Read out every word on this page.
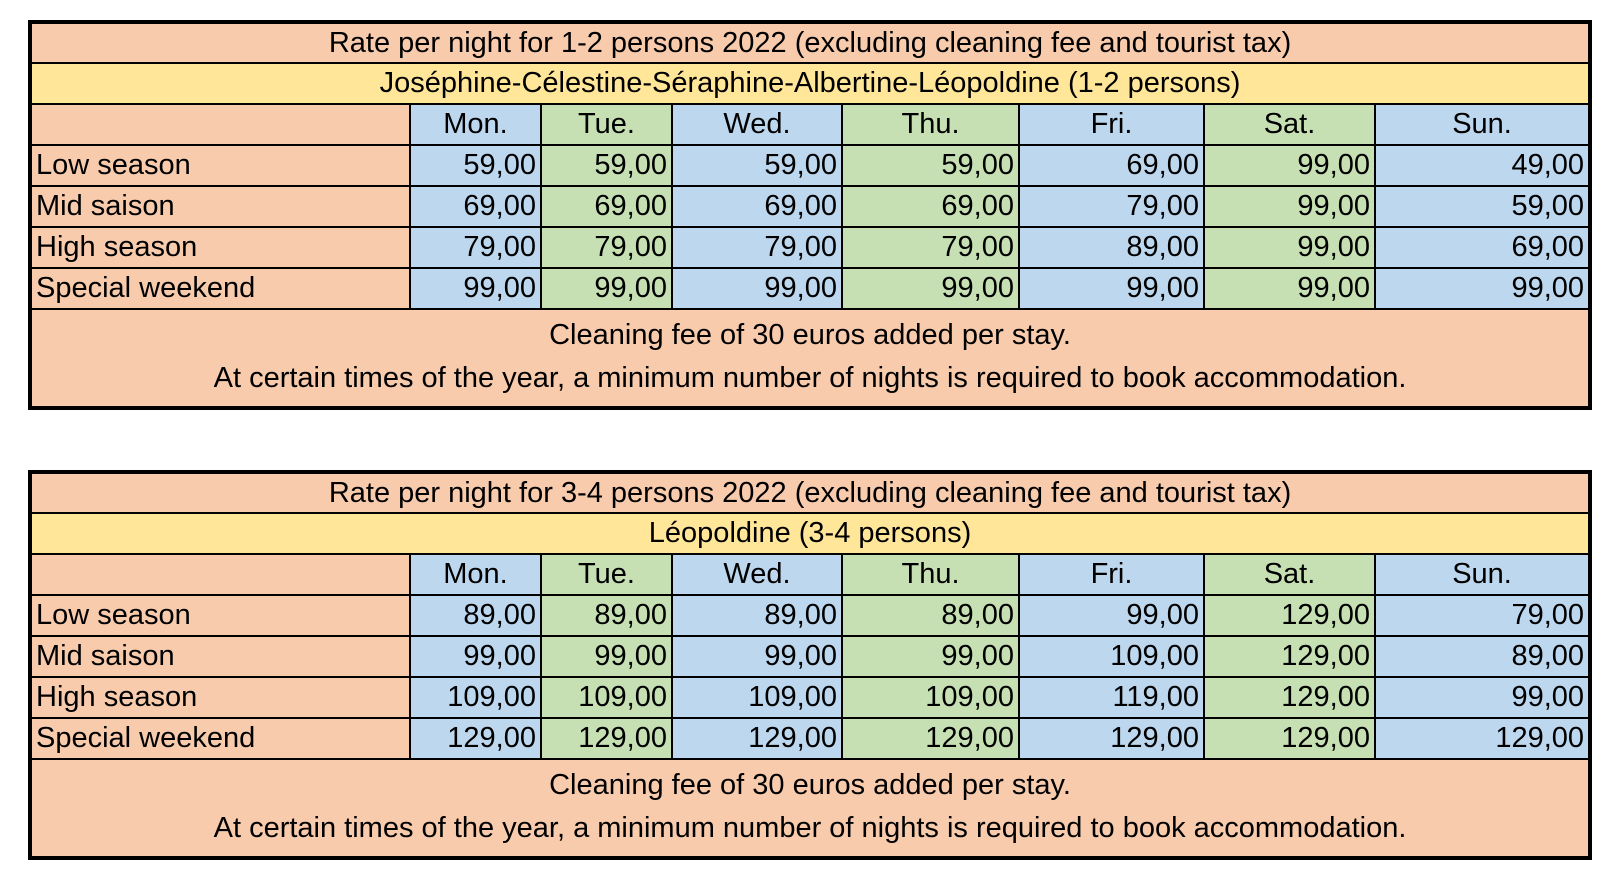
Rate per night for 1-2 persons 2022 (excluding cleaning fee and tourist tax)							
Joséphine-Célestine-Séraphine-Albertine-Léopoldine (1-2 persons)							
	Mon.	Tue.	Wed.	Thu.	Fri.	Sat.	Sun.
Low season	59,00	59,00	59,00	59,00	69,00	99,00	49,00
Mid saison	69,00	69,00	69,00	69,00	79,00	99,00	59,00
High season	79,00	79,00	79,00	79,00	89,00	99,00	69,00
Special weekend	99,00	99,00	99,00	99,00	99,00	99,00	99,00

Cleaning fee of 30 euros added per stay.
At certain times of the year, a minimum number of nights is required to book accommodation.							
Rate per night for 3-4 persons 2022 (excluding cleaning fee and tourist tax)							
Léopoldine (3-4 persons)							
	Mon.	Tue.	Wed.	Thu.	Fri.	Sat.	Sun.
Low season	89,00	89,00	89,00	89,00	99,00	129,00	79,00
Mid saison	99,00	99,00	99,00	99,00	109,00	129,00	89,00
High season	109,00	109,00	109,00	109,00	119,00	129,00	99,00
Special weekend	129,00	129,00	129,00	129,00	129,00	129,00	129,00

Cleaning fee of 30 euros added per stay.
At certain times of the year, a minimum number of nights is required to book accommodation.							
